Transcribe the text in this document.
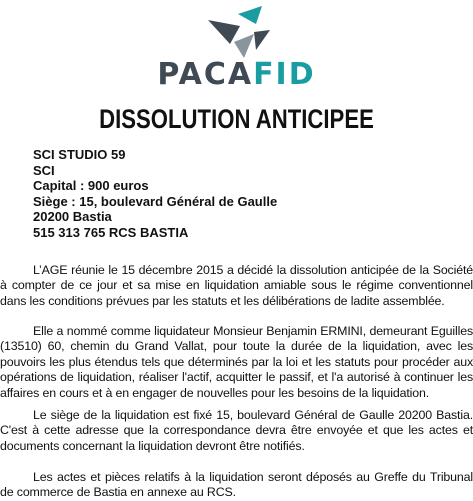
PACAFID
DISSOLUTION ANTICIPEE
SCI STUDIO 59
SCI
Capital : 900 euros
Siège : 15, boulevard Général de Gaulle
20200 Bastia
515 313 765 RCS BASTIA
L’AGE réunie le 15 décembre 2015 a décidé la dissolution anticipée de la Société à compter de ce jour et sa mise en liquidation amiable sous le régime conventionnel dans les conditions prévues par les statuts et les délibérations de ladite assemblée.
Elle a nommé comme liquidateur Monsieur Benjamin ERMINI, demeurant Eguilles (13510) 60, chemin du Grand Vallat, pour toute la durée de la liquidation, avec les pouvoirs les plus étendus tels que déterminés par la loi et les statuts pour procéder aux opérations de liquidation, réaliser l'actif, acquitter le passif, et l'a autorisé à continuer les affaires en cours et à en engager de nouvelles pour les besoins de la liquidation.
Le siège de la liquidation est fixé 15, boulevard Général de Gaulle 20200 Bastia. C'est à cette adresse que la correspondance devra être envoyée et que les actes et documents concernant la liquidation devront être notifiés.
Les actes et pièces relatifs à la liquidation seront déposés au Greffe du Tribunal de commerce de Bastia en annexe au RCS.
